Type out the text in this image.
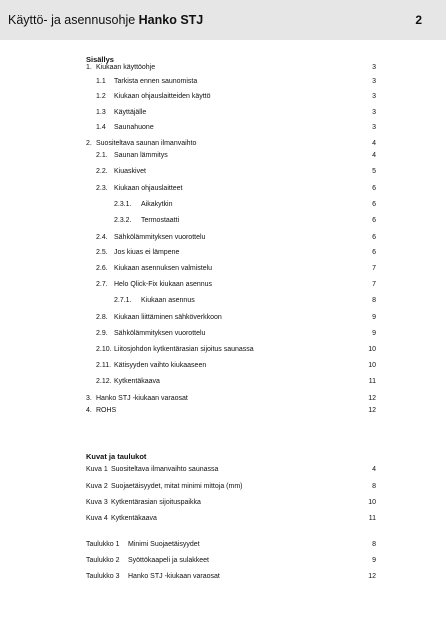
Käyttö- ja asennusohje Hanko STJ	2
Sisällys
1. Kiukaan käyttöohje	3
1.1 Tarkista ennen saunomista	3
1.2 Kiukaan ohjauslaitteiden käyttö	3
1.3 Käyttäjälle	3
1.4 Saunahuone	3
2. Suositeltava saunan ilmanvaihto	4
2.1. Saunan lämmitys	4
2.2. Kiuaskivet	5
2.3. Kiukaan ohjauslaitteet	6
2.3.1. Aikakytkin	6
2.3.2. Termostaatti	6
2.4. Sähkölämmityksen vuorottelu	6
2.5. Jos kiuas ei lämpene	6
2.6. Kiukaan asennuksen valmistelu	7
2.7. Helo Qlick-Fix kiukaan asennus	7
2.7.1. Kiukaan asennus	8
2.8. Kiukaan liittäminen sähköverkkoon	9
2.9. Sähkölämmityksen vuorottelu	9
2.10. Liitosjohdon kytkentärasian sijoitus saunassa	10
2.11. Kätisyyden vaihto kiukaaseen	10
2.12. Kytkentäkaava	11
3. Hanko STJ -kiukaan varaosat	12
4. ROHS	12
Kuvat ja taulukot
Kuva 1 Suositeltava ilmanvaihto saunassa	4
Kuva 2 Suojaetäisyydet, mitat minimi mittoja (mm)	8
Kuva 3 Kytkentärasian sijoituspaikka	10
Kuva 4 Kytkentäkaava	11
Taulukko 1 Minimi Suojaetäisyydet	8
Taulukko 2 Syöttökaapeli ja sulakkeet	9
Taulukko 3 Hanko STJ -kiukaan varaosat	12
